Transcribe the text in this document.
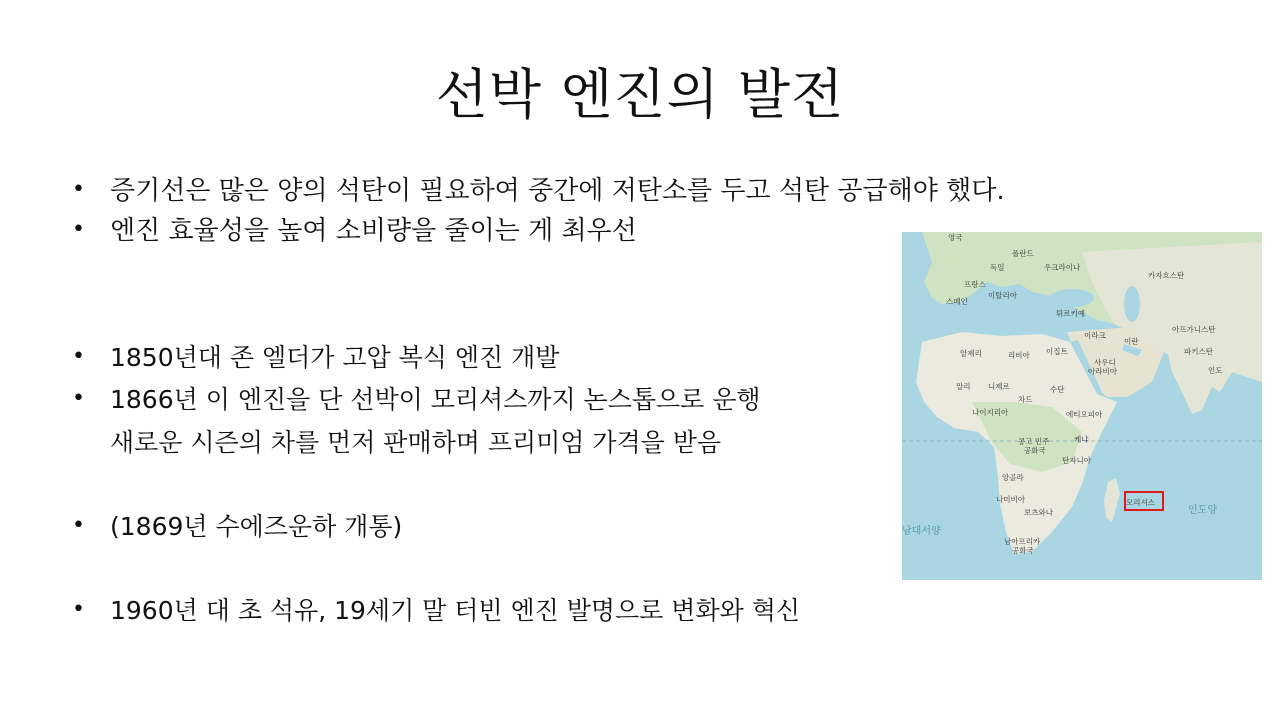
선박 엔진의 발전
• 증기선은 많은 양의 석탄이 필요하여 중간에 저탄소를 두고 석탄 공급해야 했다.
• 엔진 효율성을 높여 소비량을 줄이는 게 최우선
• 1850년대 존 엘더가 고압 복식 엔진 개발
• 1866년 이 엔진을 단 선박이 모리셔스까지 논스톱으로 운행
새로운 시즌의 차를 먼저 판매하며 프리미엄 가격을 받음
• (1869년 수에즈운하 개통)
• 1960년 대 초 석유, 19세기 말 터빈 엔진 발명으로 변화와 혁신
영국
폴란드
독일	우크라이나
카자흐스탄
프랑스
이탈리아
스페인
튀르키예
아프가니스탄
이라크
이란
파키스탄
알제리	리비아 이집트
사우디
아라비아	인도
말리 니제르	수단
차드
나이지리아	에티오피아
콩고 민주
공화국
케냐
탄자니아
앙골라
나미비아
보츠와나
남아프리카
공화국
모리셔스
인도양
남대서양
